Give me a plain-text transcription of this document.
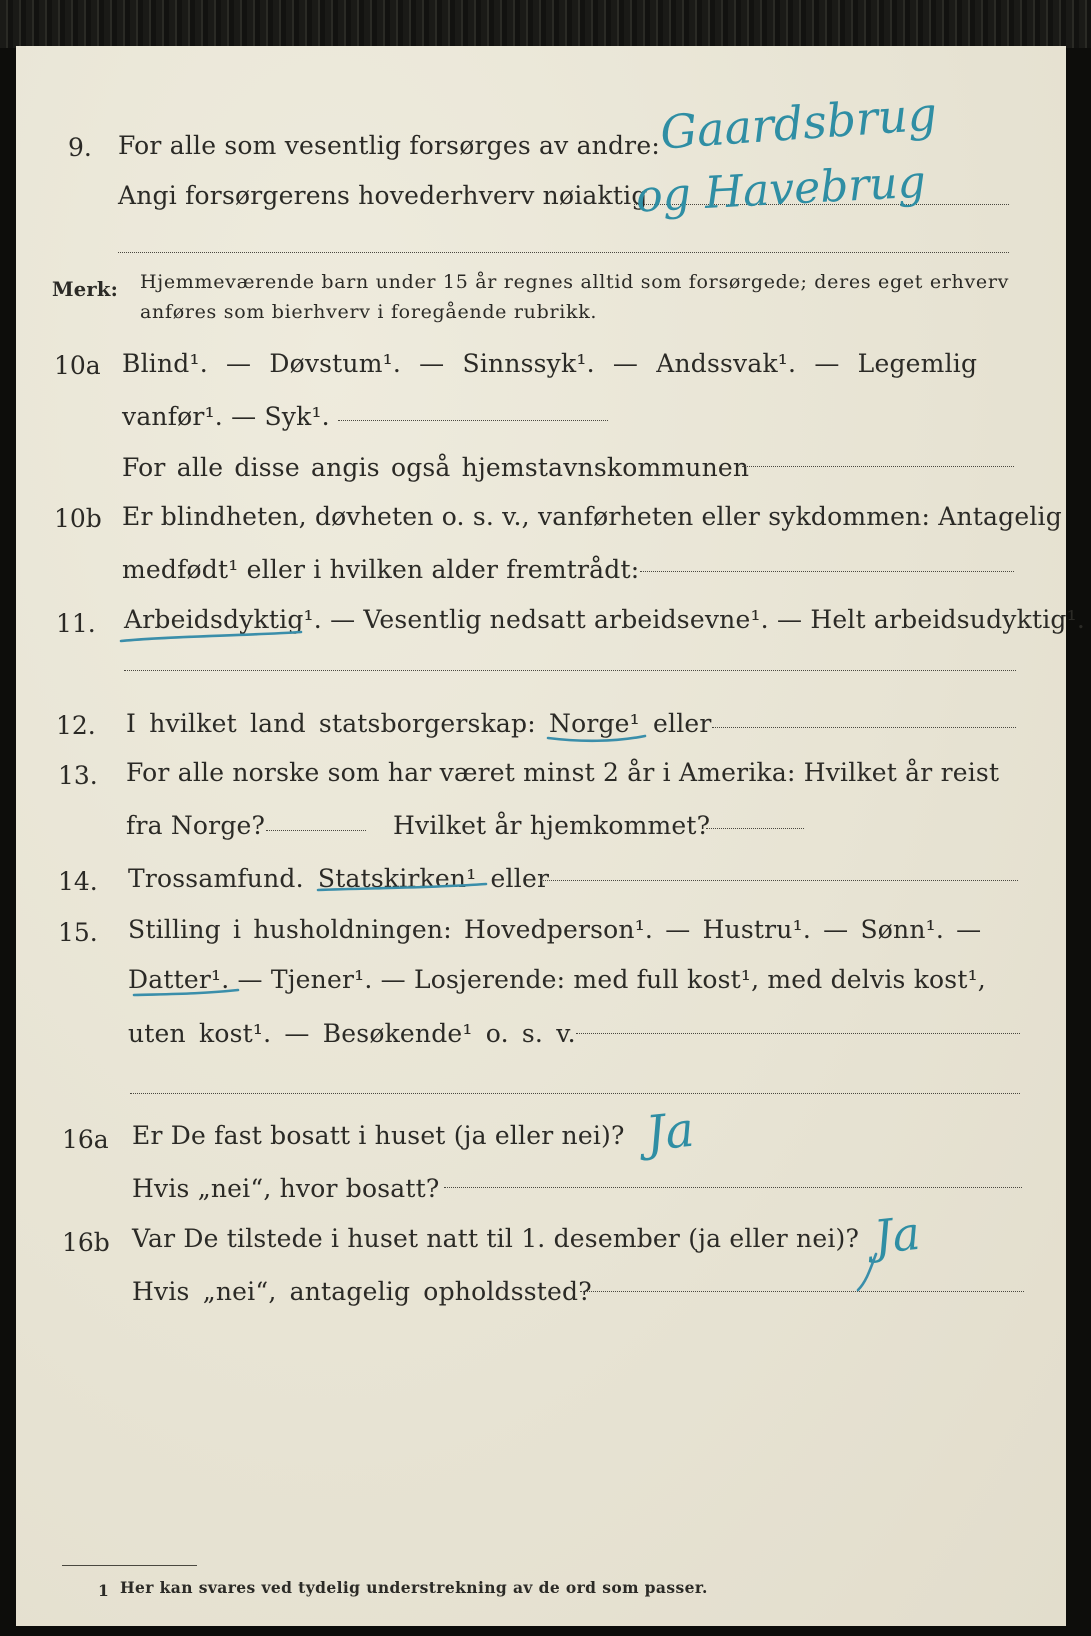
9. For alle som vesentlig forsørges av andre:
Angi forsørgerens hovederhverv nøiaktig
Gaardsbrug
og Havebrug
Merk: Hjemmeværende barn under 15 år regnes alltid som forsørgede; deres eget erhverv
anføres som bierhverv i foregående rubrikk.
10a Blind¹. — Døvstum¹. — Sinnssyk¹. — Andssvak¹. — Legemlig
vanfør¹. — Syk¹.
For alle disse angis også hjemstavnskommunen
10b Er blindheten, døvheten o. s. v., vanførheten eller sykdommen: Antagelig
medfødt¹ eller i hvilken alder fremtrådt:
11. Arbeidsdyktig¹. — Vesentlig nedsatt arbeidsevne¹. — Helt arbeidsudyktig¹.
12. I hvilket land statsborgerskap: Norge¹ eller
13. For alle norske som har været minst 2 år i Amerika: Hvilket år reist
fra Norge?	Hvilket år hjemkommet?
14. Trossamfund. Statskirken¹ eller
15. Stilling i husholdningen: Hovedperson¹. — Hustru¹. — Sønn¹. —
Datter¹. — Tjener¹. — Losjerende: med full kost¹, med delvis kost¹,
uten kost¹. — Besøkende¹ o. s. v.
16a Er De fast bosatt i huset (ja eller nei)? Ja
Hvis „nei“, hvor bosatt?
16b Var De tilstede i huset natt til 1. desember (ja eller nei)? Ja
Hvis „nei“, antagelig opholdssted?
1 Her kan svares ved tydelig understrekning av de ord som passer.
